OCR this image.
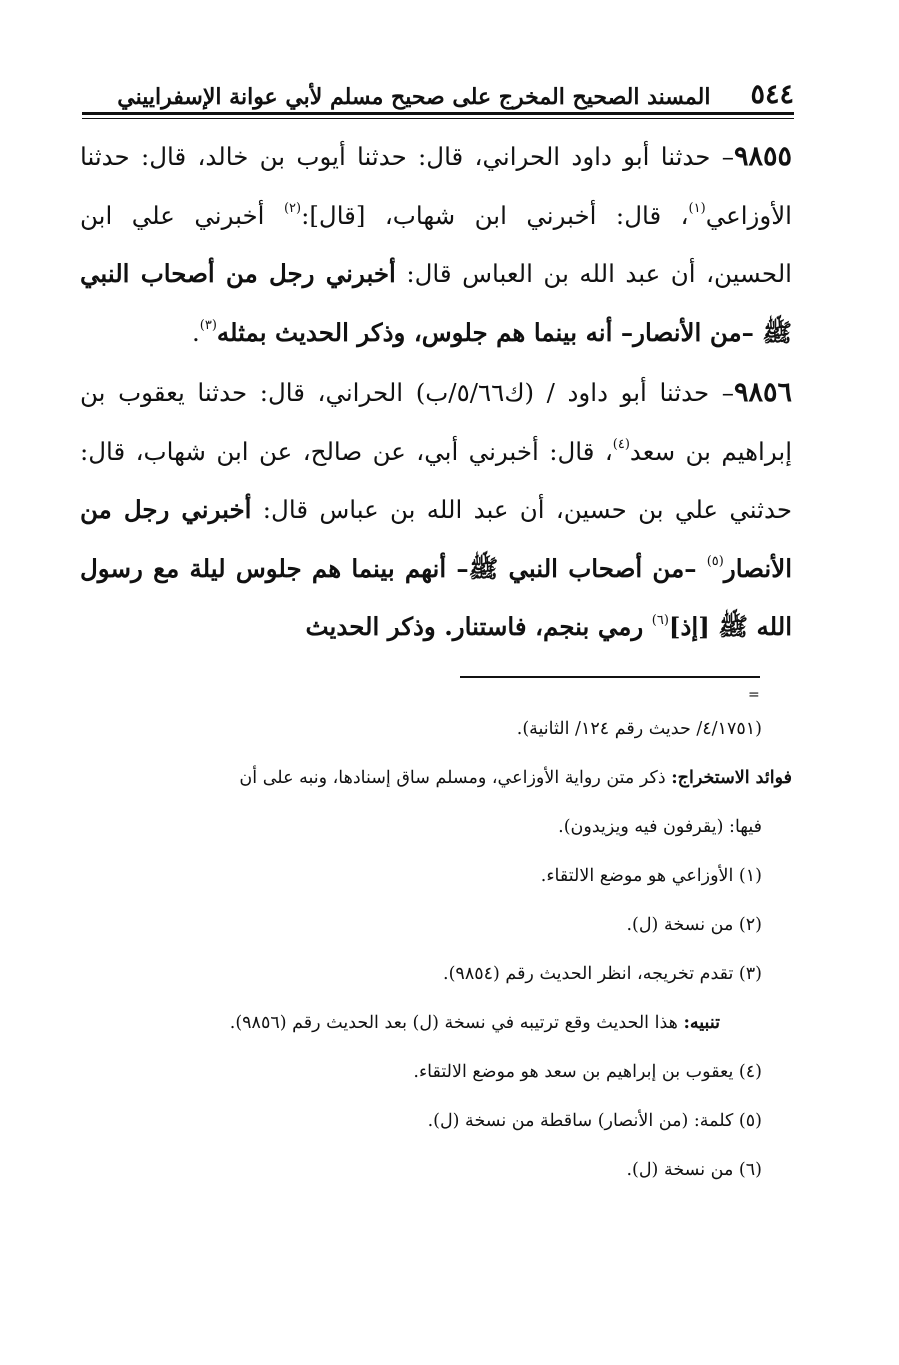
٥٤٤
المسند الصحيح المخرج على صحيح مسلم لأبي عوانة الإسفراييني

٩٨٥٥– حدثنا أبو داود الحراني، قال: حدثنا أيوب بن خالد، قال: حدثنا الأوزاعي$^{(١)}$، قال: أخبرني ابن شهاب، [قال]:$^{(٢)}$ أخبرني علي ابن الحسين، أن عبد الله بن العباس قال: أخبرني رجل من أصحاب النبي ﷺ –من الأنصار– أنه بينما هم جلوس، وذكر الحديث بمثله$^{(٣)}$.

٩٨٥٦– حدثنا أبو داود / (ك٥/٦٦/ب) الحراني، قال: حدثنا يعقوب بن إبراهيم بن سعد$^{(٤)}$، قال: أخبرني أبي، عن صالح، عن ابن شهاب، قال: حدثني علي بن حسين، أن عبد الله بن عباس قال: أخبرني رجل من الأنصار$^{(٥)}$ –من أصحاب النبي ﷺ– أنهم بينما هم جلوس ليلة مع رسول الله ﷺ [إذ]$^{(٦)}$ رمي بنجم، فاستنار. وذكر الحديث

=

(٤/١٧٥١/ حديث رقم ١٢٤/ الثانية).

فوائد الاستخراج: ذكر متن رواية الأوزاعي، ومسلم ساق إسنادها، ونبه على أن

فيها: (يقرفون فيه ويزيدون).

(١) الأوزاعي هو موضع الالتقاء.

(٢) من نسخة (ل).

(٣) تقدم تخريجه، انظر الحديث رقم (٩٨٥٤).

تنبيه: هذا الحديث وقع ترتيبه في نسخة (ل) بعد الحديث رقم (٩٨٥٦).

(٤) يعقوب بن إبراهيم بن سعد هو موضع الالتقاء.

(٥) كلمة: (من الأنصار) ساقطة من نسخة (ل).

(٦) من نسخة (ل).
